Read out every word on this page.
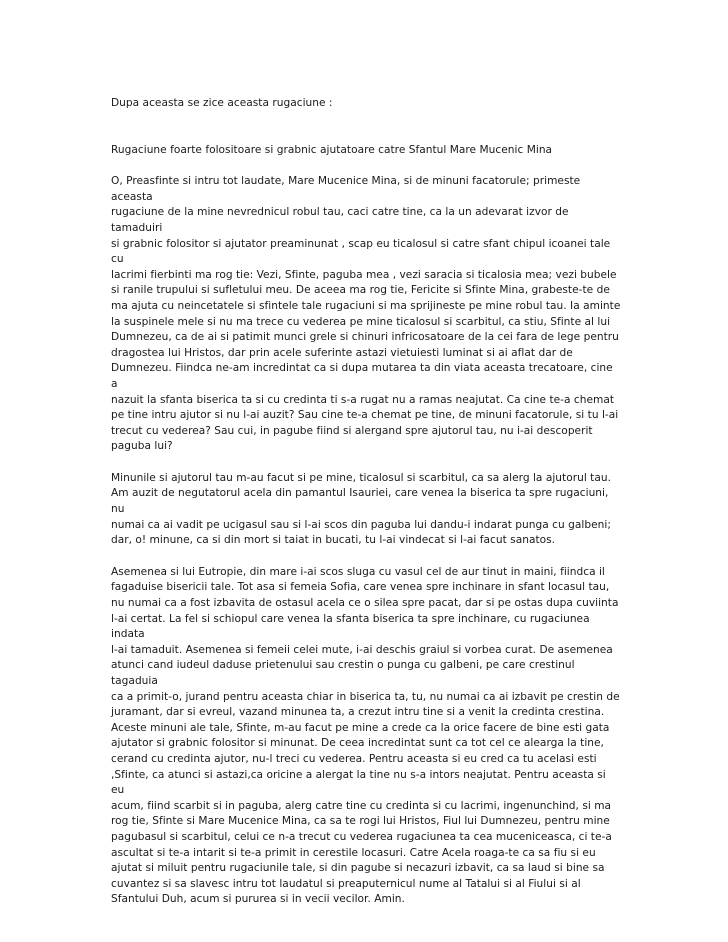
Dupa aceasta se zice aceasta rugaciune :

Rugaciune foarte folositoare si grabnic ajutatoare catre Sfantul Mare Mucenic Mina

O, Preasfinte si intru tot laudate, Mare Mucenice Mina, si de minuni facatorule; primeste aceasta
rugaciune de la mine nevrednicul robul tau, caci catre tine, ca la un adevarat izvor de tamaduiri
si grabnic folositor si ajutator preaminunat , scap eu ticalosul si catre sfant chipul icoanei tale cu
lacrimi fierbinti ma rog tie: Vezi, Sfinte, paguba mea , vezi saracia si ticalosia mea; vezi bubele
si ranile trupului si sufletului meu. De aceea ma rog tie, Fericite si Sfinte Mina, grabeste-te de
ma ajuta cu neincetatele si sfintele tale rugaciuni si ma sprijineste pe mine robul tau. Ia aminte
la suspinele mele si nu ma trece cu vederea pe mine ticalosul si scarbitul, ca stiu, Sfinte al lui
Dumnezeu, ca de ai si patimit munci grele si chinuri infricosatoare de la cei fara de lege pentru
dragostea lui Hristos, dar prin acele suferinte astazi vietuiesti luminat si ai aflat dar de
Dumnezeu. Fiindca ne-am incredintat ca si dupa mutarea ta din viata aceasta trecatoare, cine a
nazuit la sfanta biserica ta si cu credinta ti s-a rugat nu a ramas neajutat. Ca cine te-a chemat
pe tine intru ajutor si nu l-ai auzit? Sau cine te-a chemat pe tine, de minuni facatorule, si tu l-ai
trecut cu vederea? Sau cui, in pagube fiind si alergand spre ajutorul tau, nu i-ai descoperit
paguba lui?

Minunile si ajutorul tau m-au facut si pe mine, ticalosul si scarbitul, ca sa alerg la ajutorul tau.
Am auzit de negutatorul acela din pamantul Isauriei, care venea la biserica ta spre rugaciuni, nu
numai ca ai vadit pe ucigasul sau si l-ai scos din paguba lui dandu-i indarat punga cu galbeni;
dar, o! minune, ca si din mort si taiat in bucati, tu l-ai vindecat si l-ai facut sanatos.

Asemenea si lui Eutropie, din mare i-ai scos sluga cu vasul cel de aur tinut in maini, fiindca il
fagaduise bisericii tale. Tot asa si femeia Sofia, care venea spre inchinare in sfant locasul tau,
nu numai ca a fost izbavita de ostasul acela ce o silea spre pacat, dar si pe ostas dupa cuviinta
l-ai certat. La fel si schiopul care venea la sfanta biserica ta spre inchinare, cu rugaciunea indata
l-ai tamaduit. Asemenea si femeii celei mute, i-ai deschis graiul si vorbea curat. De asemenea
atunci cand iudeul daduse prietenului sau crestin o punga cu galbeni, pe care crestinul tagaduia
ca a primit-o, jurand pentru aceasta chiar in biserica ta, tu, nu numai ca ai izbavit pe crestin de
juramant, dar si evreul, vazand minunea ta, a crezut intru tine si a venit la credinta crestina.
Aceste minuni ale tale, Sfinte, m-au facut pe mine a crede ca la orice facere de bine esti gata
ajutator si grabnic folositor si minunat. De ceea incredintat sunt ca tot cel ce alearga la tine,
cerand cu credinta ajutor, nu-l treci cu vederea. Pentru aceasta si eu cred ca tu acelasi esti
,Sfinte, ca atunci si astazi,ca oricine a alergat la tine nu s-a intors neajutat. Pentru aceasta si eu
acum, fiind scarbit si in paguba, alerg catre tine cu credinta si cu lacrimi, ingenunchind, si ma
rog tie, Sfinte si Mare Mucenice Mina, ca sa te rogi lui Hristos, Fiul lui Dumnezeu, pentru mine
pagubasul si scarbitul, celui ce n-a trecut cu vederea rugaciunea ta cea muceniceasca, ci te-a
ascultat si te-a intarit si te-a primit in cerestile locasuri. Catre Acela roaga-te ca sa fiu si eu
ajutat si miluit pentru rugaciunile tale, si din pagube si necazuri izbavit, ca sa laud si bine sa
cuvantez si sa slavesc intru tot laudatul si preaputernicul nume al Tatalui si al Fiului si al
Sfantului Duh, acum si pururea si in vecii vecilor. Amin.
